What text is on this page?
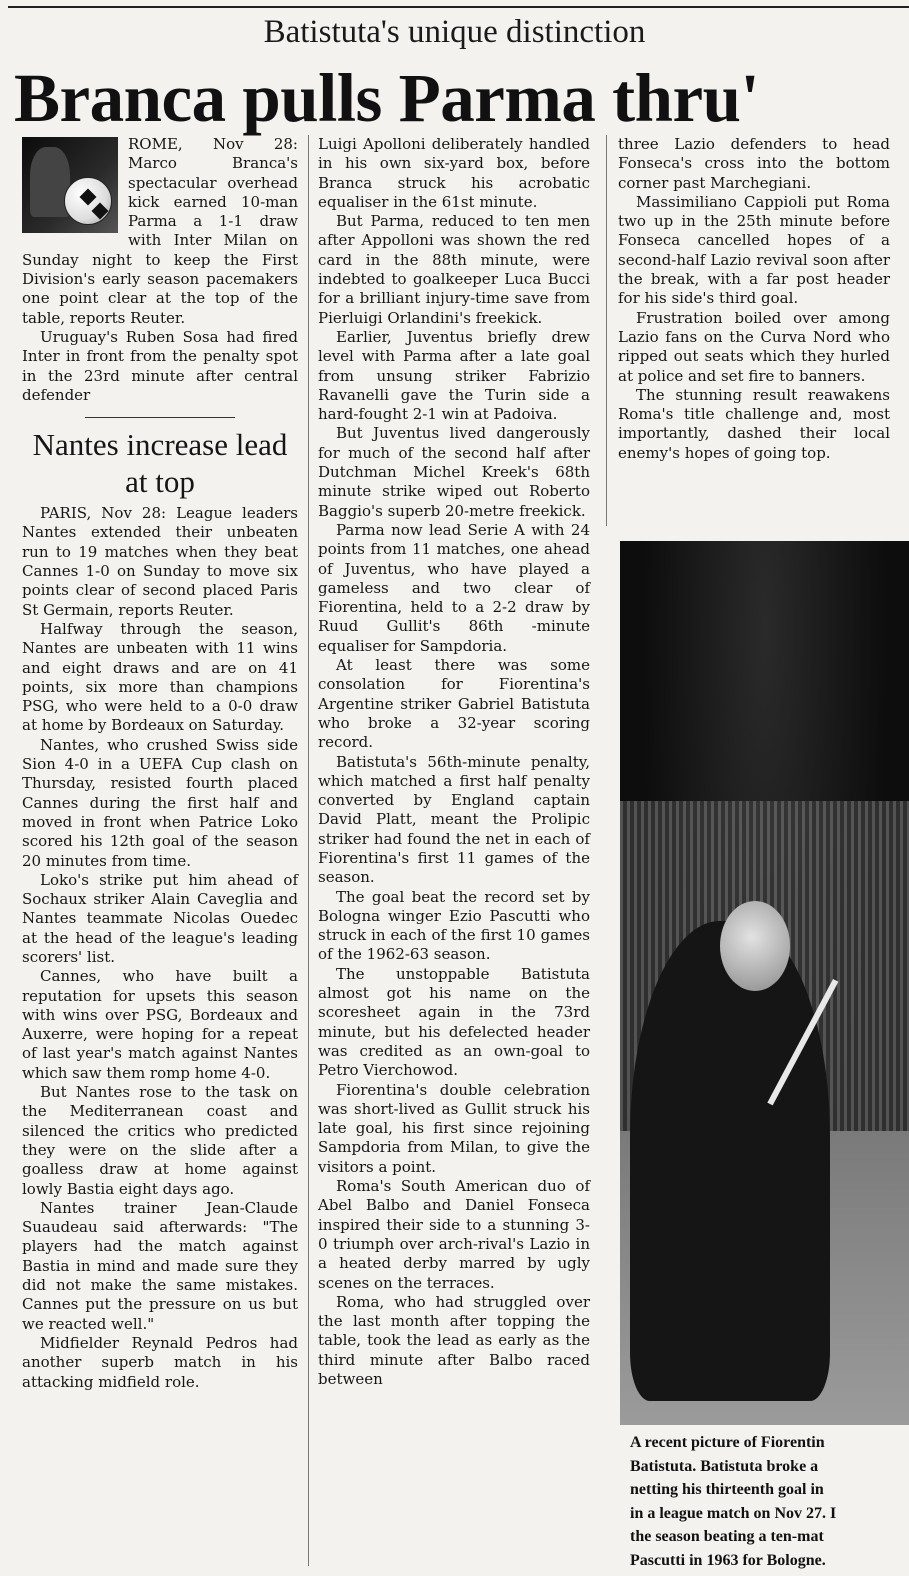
Batistuta's unique distinction
Branca pulls Parma thru'

ROME, Nov 28: Marco Branca's spectacular overhead kick earned 10-man Parma a 1-1 draw with Inter Milan on Sunday night to keep the First Division's early season pacemakers one point clear at the top of the table, reports Reuter.

Uruguay's Ruben Sosa had fired Inter in front from the penalty spot in the 23rd minute after central defender

Nantes increase lead at top

PARIS, Nov 28: League leaders Nantes extended their unbeaten run to 19 matches when they beat Cannes 1-0 on Sunday to move six points clear of second placed Paris St Germain, reports Reuter.

Halfway through the season, Nantes are unbeaten with 11 wins and eight draws and are on 41 points, six more than champions PSG, who were held to a 0-0 draw at home by Bordeaux on Saturday.

Nantes, who crushed Swiss side Sion 4-0 in a UEFA Cup clash on Thursday, resisted fourth placed Cannes during the first half and moved in front when Patrice Loko scored his 12th goal of the season 20 minutes from time.

Loko's strike put him ahead of Sochaux striker Alain Caveglia and Nantes teammate Nicolas Ouedec at the head of the league's leading scorers' list.

Cannes, who have built a reputation for upsets this season with wins over PSG, Bordeaux and Auxerre, were hoping for a repeat of last year's match against Nantes which saw them romp home 4-0.

But Nantes rose to the task on the Mediterranean coast and silenced the critics who predicted they were on the slide after a goalless draw at home against lowly Bastia eight days ago.

Nantes trainer Jean-Claude Suaudeau said afterwards: "The players had the match against Bastia in mind and made sure they did not make the same mistakes. Cannes put the pressure on us but we reacted well."

Midfielder Reynald Pedros had another superb match in his attacking midfield role.

Luigi Apolloni deliberately handled in his own six-yard box, before Branca struck his acrobatic equaliser in the 61st minute.

But Parma, reduced to ten men after Appolloni was shown the red card in the 88th minute, were indebted to goalkeeper Luca Bucci for a brilliant injury-time save from Pierluigi Orlandini's freekick.

Earlier, Juventus briefly drew level with Parma after a late goal from unsung striker Fabrizio Ravanelli gave the Turin side a hard-fought 2-1 win at Padoiva.

But Juventus lived dangerously for much of the second half after Dutchman Michel Kreek's 68th minute strike wiped out Roberto Baggio's superb 20-metre freekick.

Parma now lead Serie A with 24 points from 11 matches, one ahead of Juventus, who have played a gameless and two clear of Fiorentina, held to a 2-2 draw by Ruud Gullit's 86th -minute equaliser for Sampdoria.

At least there was some consolation for Fiorentina's Argentine striker Gabriel Batistuta who broke a 32-year scoring record.

Batistuta's 56th-minute penalty, which matched a first half penalty converted by England captain David Platt, meant the Prolipic striker had found the net in each of Fiorentina's first 11 games of the season.

The goal beat the record set by Bologna winger Ezio Pascutti who struck in each of the first 10 games of the 1962-63 season.

The unstoppable Batistuta almost got his name on the scoresheet again in the 73rd minute, but his defelected header was credited as an own-goal to Petro Vierchowod.

Fiorentina's double celebration was short-lived as Gullit struck his late goal, his first since rejoining Sampdoria from Milan, to give the visitors a point.

Roma's South American duo of Abel Balbo and Daniel Fonseca inspired their side to a stunning 3-0 triumph over arch-rival's Lazio in a heated derby marred by ugly scenes on the terraces.

Roma, who had struggled over the last month after topping the table, took the lead as early as the third minute after Balbo raced between

three Lazio defenders to head Fonseca's cross into the bottom corner past Marchegiani.

Massimiliano Cappioli put Roma two up in the 25th minute before Fonseca cancelled hopes of a second-half Lazio revival soon after the break, with a far post header for his side's third goal.

Frustration boiled over among Lazio fans on the Curva Nord who ripped out seats which they hurled at police and set fire to banners.

The stunning result reawakens Roma's title challenge and, most importantly, dashed their local enemy's hopes of going top.

A recent picture of Fiorentin
Batistuta. Batistuta broke a
netting his thirteenth goal in
in a league match on Nov 27. I
the season beating a ten-mat
Pascutti in 1963 for Bologne.
